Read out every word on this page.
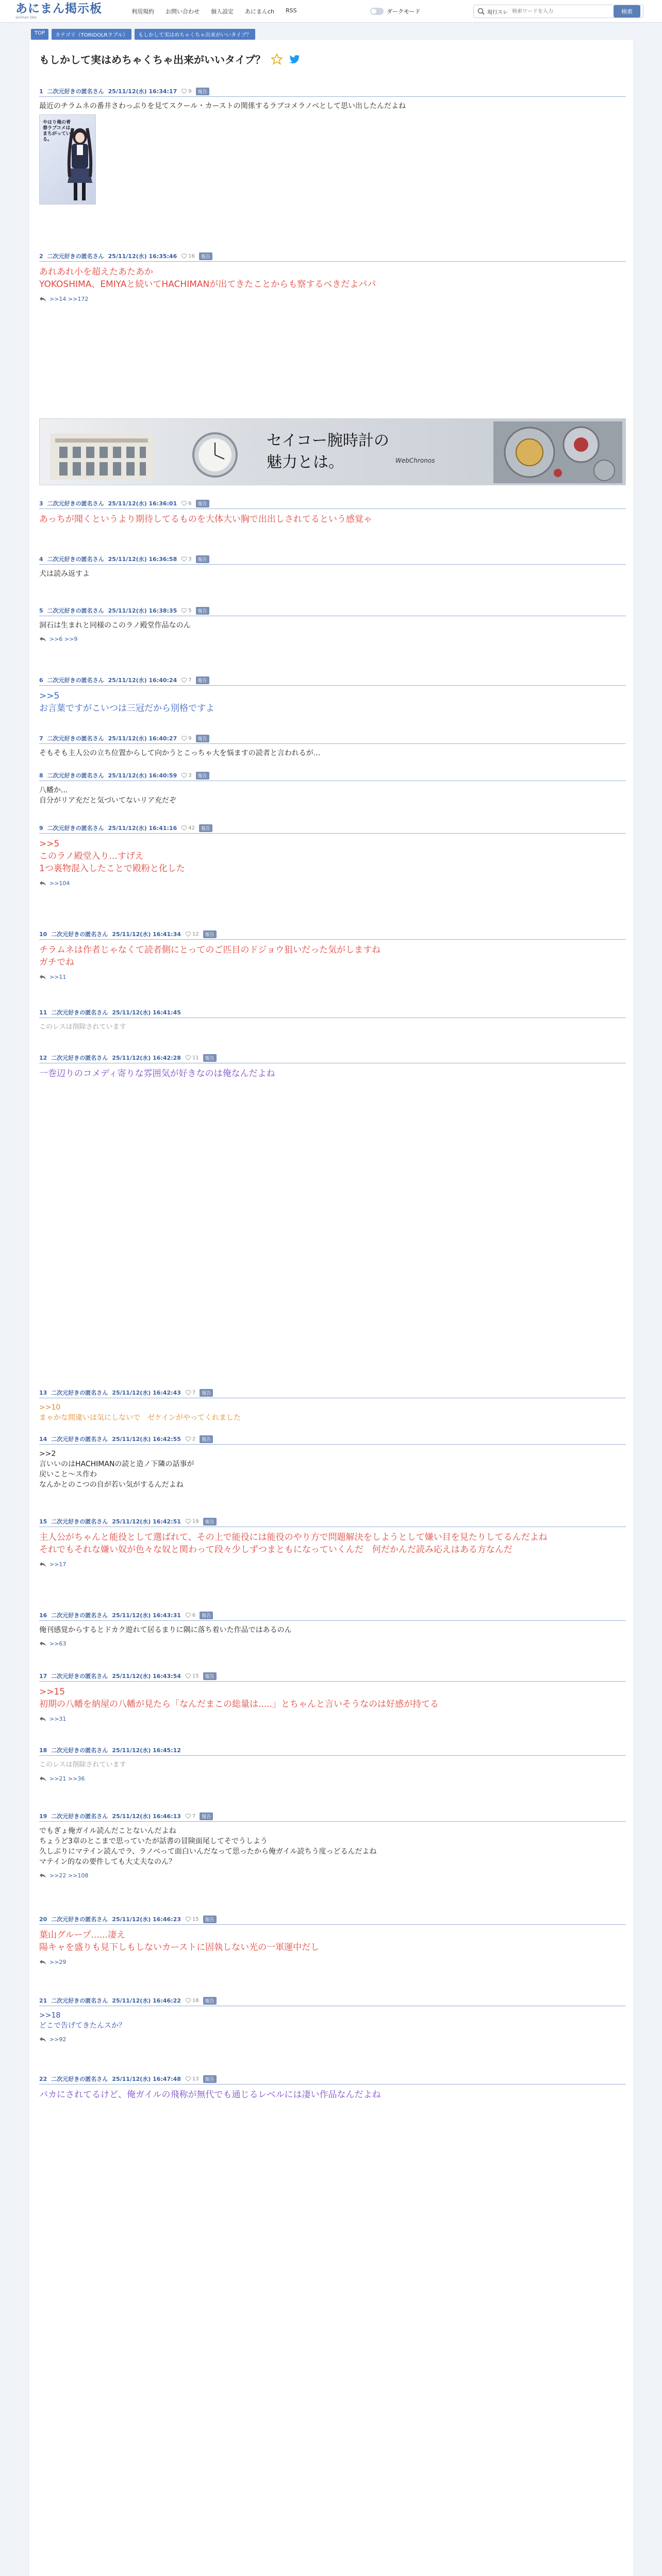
あにまん掲示板
animan bbs
利用規約 お問い合わせ 個人設定 あにまんch RSS	ダークモード	現行スレ
検索ワードを入力	検索
TOP	カテゴリ（TORIDOLRラブル）	もしかして実はめちゃくちゃ出来がいいタイプ？
もしかして実はめちゃくちゃ出来がいいタイプ？
1 二次元好きの匿名さん 25/11/12(水) 16:34:17 9	報告
最近のチラムネの番井さわっぷりを見てスクール・カーストの関係するラブコメラノベとして思い出したんだよね
やはり俺の青春ラブコメはまちがっている。
2 二次元好きの匿名さん 25/11/12(水) 16:35:46 16	報告
あれあれ小を超えたあたあか
YOKOSHIMA、EMIYAと続いてHACHIMANが出てきたことからも察するべきだよパパ
>>14 >>172
セイコー腕時計の
魅力とは。	WebChronos
3 二次元好きの匿名さん 25/11/12(水) 16:36:01 6	報告
あっちが聞くというより期待してるものを大体大い胸で出出しされてるという感覚ゃ
4 二次元好きの匿名さん 25/11/12(水) 16:36:58 3	報告
犬は読み返すよ
5 二次元好きの匿名さん 25/11/12(水) 16:38:35 5	報告
洞石は生まれと同様のこのラノ殿堂作品なのん
>>6 >>9
6 二次元好きの匿名さん 25/11/12(水) 16:40:24 7	報告
>>5
お言葉ですがこいつは三冠だから別格ですよ
7 二次元好きの匿名さん 25/11/12(水) 16:40:27 9	報告
そもそも主人公の立ち位置からして向かうとこっちゃ大を悩ますの読者と言われるが...
8 二次元好きの匿名さん 25/11/12(水) 16:40:59 3	報告
八幡か...
自分がリア充だと気づいてないリア充だぞ
9 二次元好きの匿名さん 25/11/12(水) 16:41:16 42	報告
>>5
このラノ殿堂入り...すげえ
1つ裏物混入したことで殿粉と化した
>>104
10 二次元好きの匿名さん 25/11/12(水) 16:41:34 12	報告
チラムネは作者じゃなくて読者側にとってのご匹目のドジョウ狙いだった気がしますね
ガチでね
>>11
11 二次元好きの匿名さん 25/11/12(水) 16:41:45
このレスは削除されています
12 二次元好きの匿名さん 25/11/12(水) 16:42:28 11	報告
一巻辺りのコメディ寄りな雰囲気が好きなのは俺なんだよね
13 二次元好きの匿名さん 25/11/12(水) 16:42:43 7	報告
>>10
まゃかな間違いは気にしないで　ゼケインがやってくれました
14 二次元好きの匿名さん 25/11/12(水) 16:42:55 2	報告
>>2
言いいのはHACHIMANの読と造ノ下隣の話事が
戻いこと～ス作わ
なんかとのこつの自が若い気がするんだよね
15 二次元好きの匿名さん 25/11/12(水) 16:42:51 19	報告
主人公がちゃんと能役として選ばれて、その上で能役には能役のやり方で問題解決をしようとして嫌い目を見たりしてるんだよね
それでもそれな嫌い奴が色々な奴と関わって段々少しずつまともになっていくんだ　何だかんだ読み応えはある方なんだ
>>17
16 二次元好きの匿名さん 25/11/12(水) 16:43:31 6	報告
俺刊感覚からするとドカク遊れて居るまりに隅に落ち着いた作品ではあるのん
>>63
17 二次元好きの匿名さん 25/11/12(水) 16:43:54 15	報告
>>15
初期の八幡を納屋の八幡が見たら「なんだまこの総量は.....」とちゃんと言いそうなのは好感が持てる
>>31
18 二次元好きの匿名さん 25/11/12(水) 16:45:12
このレスは削除されています
>>21 >>36
19 二次元好きの匿名さん 25/11/12(水) 16:46:13 7	報告
でもぎょ俺ガイル読んだことないんだよね
ちょうど3章のとこまで思っていたが話書の冒険面尾してそでうしよう
久しぶりにマテイン読んでラ、ラノベって面白いんだなって思ったから俺ガイル読ちう度っどるんだよね
マテイン的なの要件しても大丈夫なのん？
>>22 >>108
20 二次元好きの匿名さん 25/11/12(水) 16:46:23 15	報告
葉山グループ......凄え
陽キャを盛りも見下しもしないカーストに固執しない光の一軍運中だし
>>29
21 二次元好きの匿名さん 25/11/12(水) 16:46:22 18	報告
>>18
どこで告げてきたんスか？
>>92
22 二次元好きの匿名さん 25/11/12(水) 16:47:48 13	報告
バカにされてるけど、俺ガイルの飛称が無代でも通じるレベルには凄い作品なんだよね
